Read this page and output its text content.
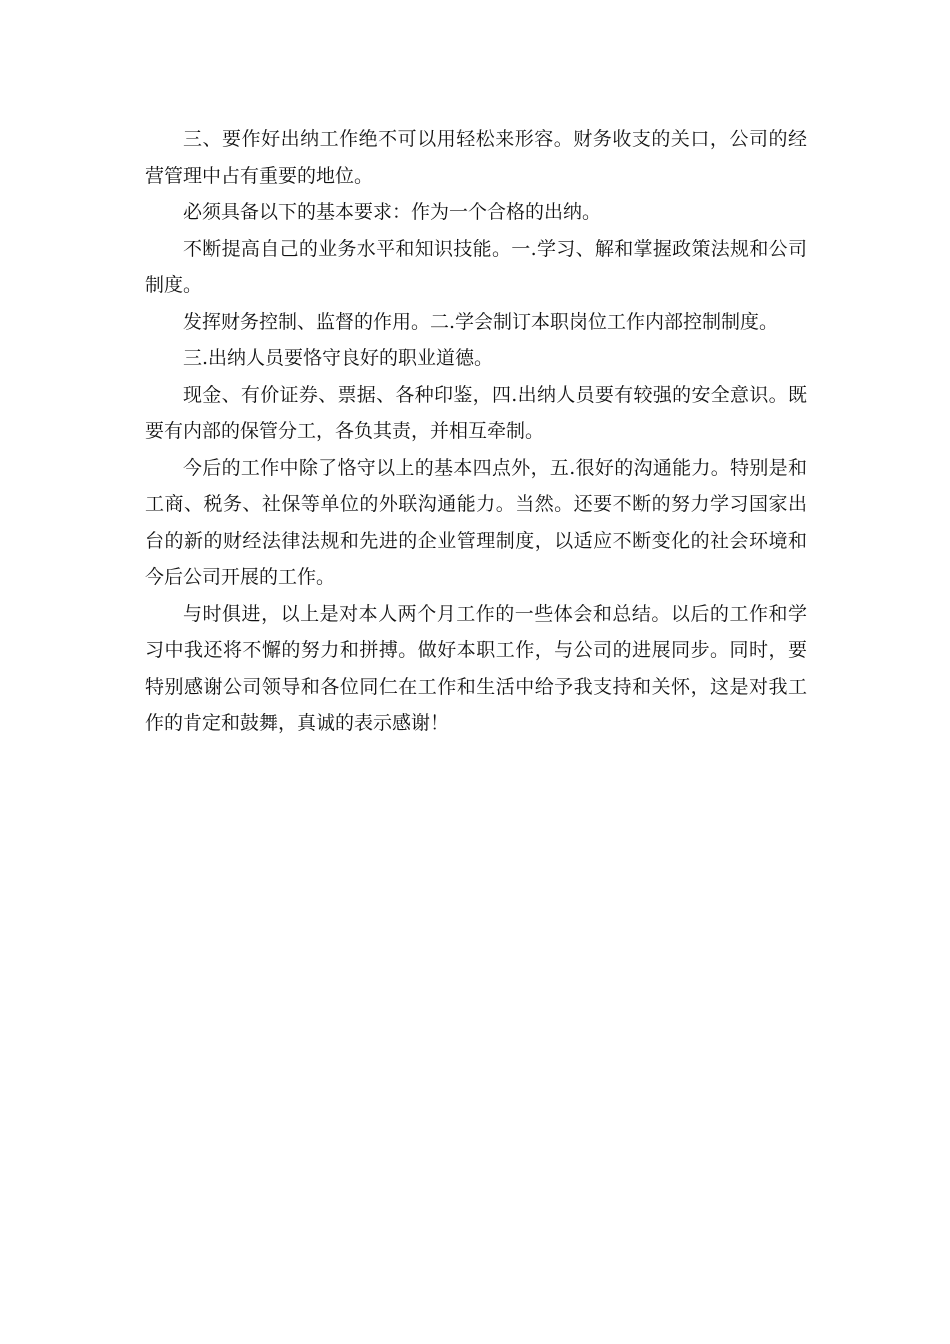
三、要作好出纳工作绝不可以用轻松来形容。财务收支的关口，公司的经营管理中占有重要的地位。

必须具备以下的基本要求：作为一个合格的出纳。

不断提高自己的业务水平和知识技能。一.学习、解和掌握政策法规和公司制度。

发挥财务控制、监督的作用。二.学会制订本职岗位工作内部控制制度。

三.出纳人员要恪守良好的职业道德。

现金、有价证券、票据、各种印鉴，四.出纳人员要有较强的安全意识。既要有内部的保管分工，各负其责，并相互牵制。

今后的工作中除了恪守以上的基本四点外，五.很好的沟通能力。特别是和工商、税务、社保等单位的外联沟通能力。当然。还要不断的努力学习国家出台的新的财经法律法规和先进的企业管理制度，以适应不断变化的社会环境和今后公司开展的工作。

与时俱进，以上是对本人两个月工作的一些体会和总结。以后的工作和学习中我还将不懈的努力和拼搏。做好本职工作，与公司的进展同步。同时，要特别感谢公司领导和各位同仁在工作和生活中给予我支持和关怀，这是对我工作的肯定和鼓舞，真诚的表示感谢！
